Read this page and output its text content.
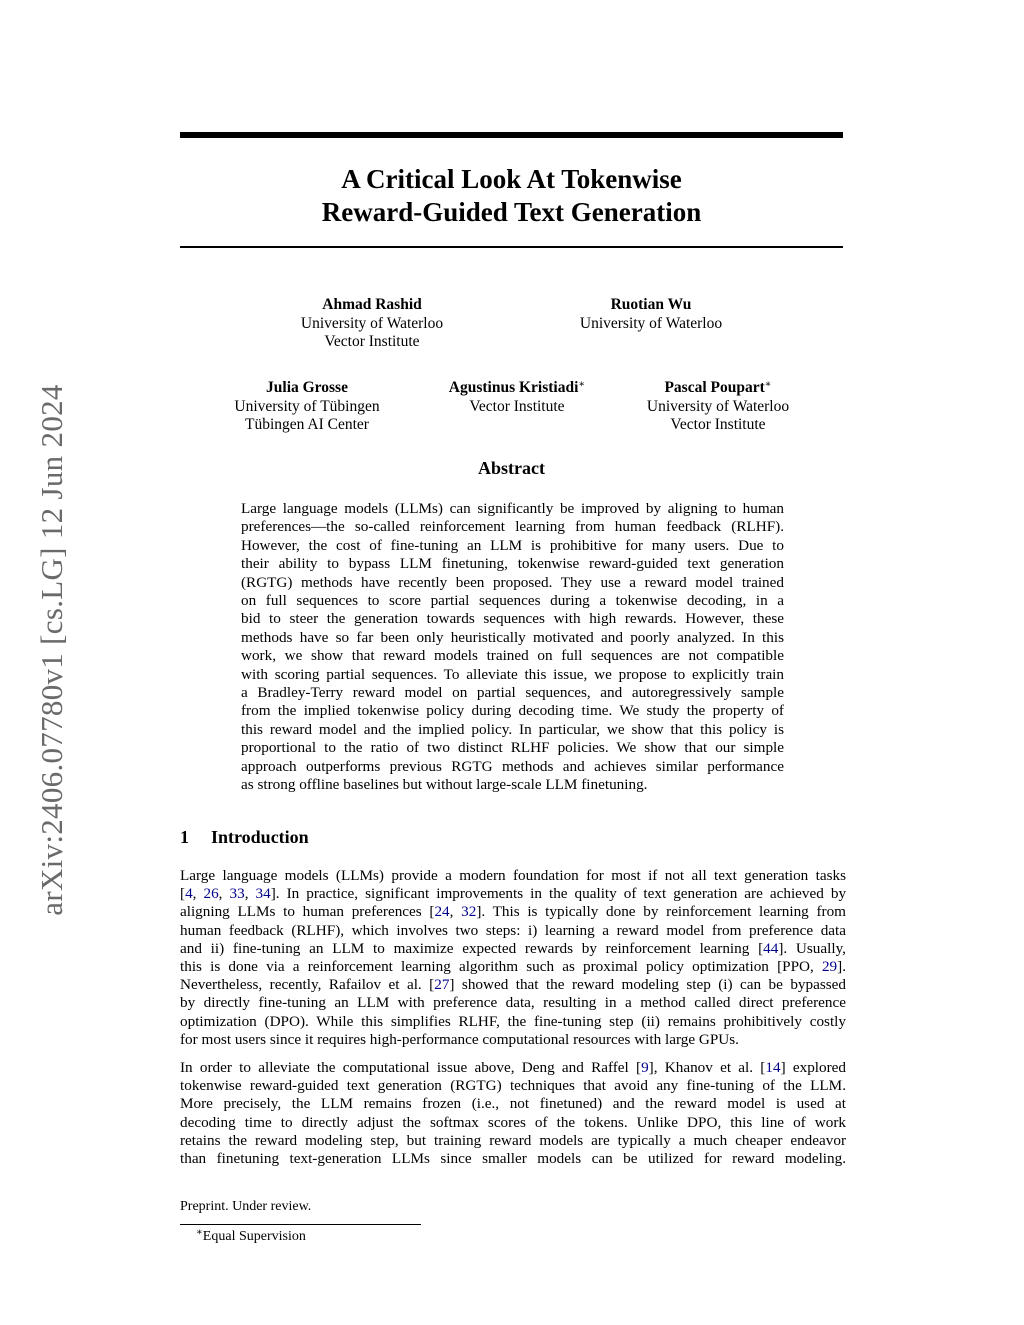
arXiv:2406.07780v1 [cs.LG] 12 Jun 2024
A Critical Look At Tokenwise
Reward-Guided Text Generation
Ahmad Rashid
University of Waterloo
Vector Institute
Ruotian Wu
University of Waterloo
Julia Grosse
University of Tübingen
Tübingen AI Center
Agustinus Kristiadi∗
Vector Institute
Pascal Poupart∗
University of Waterloo
Vector Institute
Abstract
Large language models (LLMs) can significantly be improved by aligning to human
preferences—the so-called reinforcement learning from human feedback (RLHF).
However, the cost of fine-tuning an LLM is prohibitive for many users. Due to
their ability to bypass LLM finetuning, tokenwise reward-guided text generation
(RGTG) methods have recently been proposed. They use a reward model trained
on full sequences to score partial sequences during a tokenwise decoding, in a
bid to steer the generation towards sequences with high rewards. However, these
methods have so far been only heuristically motivated and poorly analyzed. In this
work, we show that reward models trained on full sequences are not compatible
with scoring partial sequences. To alleviate this issue, we propose to explicitly train
a Bradley-Terry reward model on partial sequences, and autoregressively sample
from the implied tokenwise policy during decoding time. We study the property of
this reward model and the implied policy. In particular, we show that this policy is
proportional to the ratio of two distinct RLHF policies. We show that our simple
approach outperforms previous RGTG methods and achieves similar performance
as strong offline baselines but without large-scale LLM finetuning.
1 Introduction
Large language models (LLMs) provide a modern foundation for most if not all text generation tasks
[4, 26, 33, 34]. In practice, significant improvements in the quality of text generation are achieved by
aligning LLMs to human preferences [24, 32]. This is typically done by reinforcement learning from
human feedback (RLHF), which involves two steps: i) learning a reward model from preference data
and ii) fine-tuning an LLM to maximize expected rewards by reinforcement learning [44]. Usually,
this is done via a reinforcement learning algorithm such as proximal policy optimization [PPO, 29].
Nevertheless, recently, Rafailov et al. [27] showed that the reward modeling step (i) can be bypassed
by directly fine-tuning an LLM with preference data, resulting in a method called direct preference
optimization (DPO). While this simplifies RLHF, the fine-tuning step (ii) remains prohibitively costly
for most users since it requires high-performance computational resources with large GPUs.
In order to alleviate the computational issue above, Deng and Raffel [9], Khanov et al. [14] explored
tokenwise reward-guided text generation (RGTG) techniques that avoid any fine-tuning of the LLM.
More precisely, the LLM remains frozen (i.e., not finetuned) and the reward model is used at
decoding time to directly adjust the softmax scores of the tokens. Unlike DPO, this line of work
retains the reward modeling step, but training reward models are typically a much cheaper endeavor
than finetuning text-generation LLMs since smaller models can be utilized for reward modeling.
Preprint. Under review.
∗Equal Supervision
